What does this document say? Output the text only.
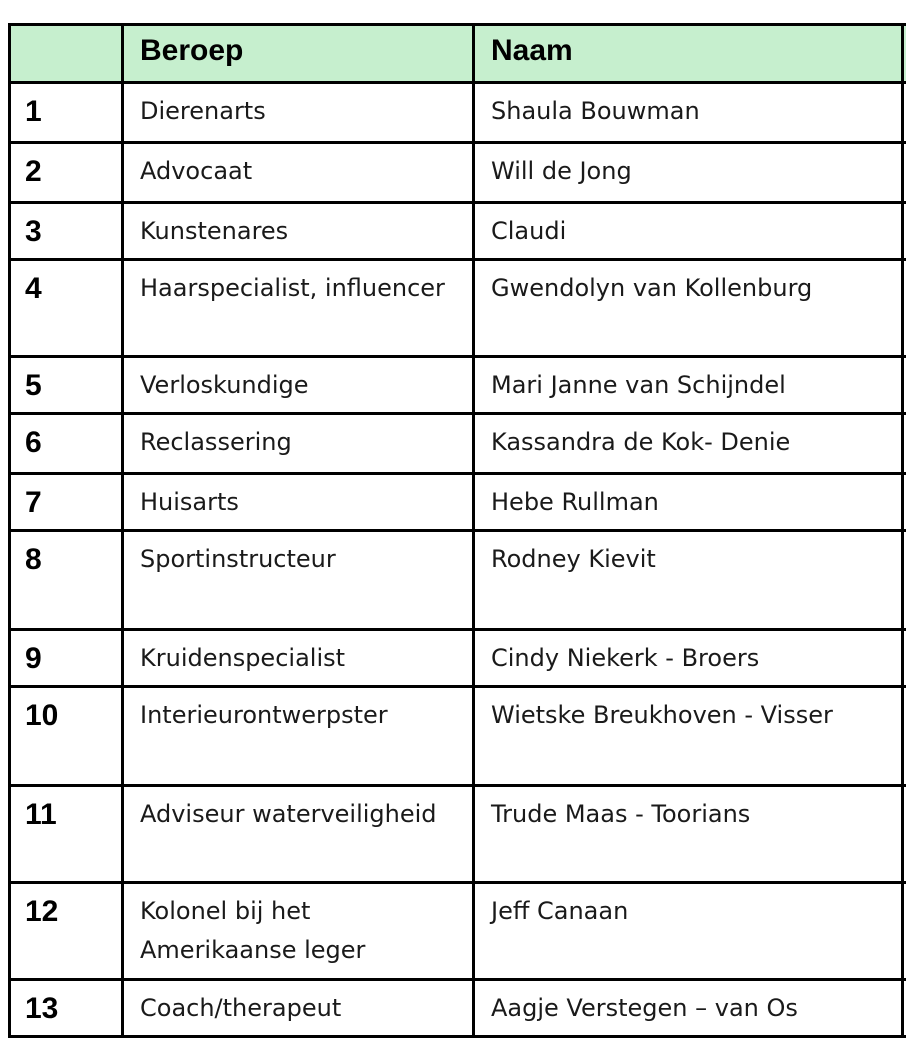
	Beroep	Naam	
1	Dierenarts	Shaula Bouwman	
2	Advocaat	Will de Jong	
3	Kunstenares	Claudi	
4	Haarspecialist, influencer	Gwendolyn van Kollenburg	
5	Verloskundige	Mari Janne van Schijndel	
6	Reclassering	Kassandra de Kok- Denie	
7	Huisarts	Hebe Rullman	
8	Sportinstructeur	Rodney Kievit	
9	Kruidenspecialist	Cindy Niekerk - Broers	
10	Interieurontwerpster	Wietske Breukhoven - Visser	
11	Adviseur waterveiligheid	Trude Maas - Toorians	
12	Kolonel bij het Amerikaanse leger	Jeff Canaan	
13	Coach/therapeut	Aagje Verstegen – van Os	
